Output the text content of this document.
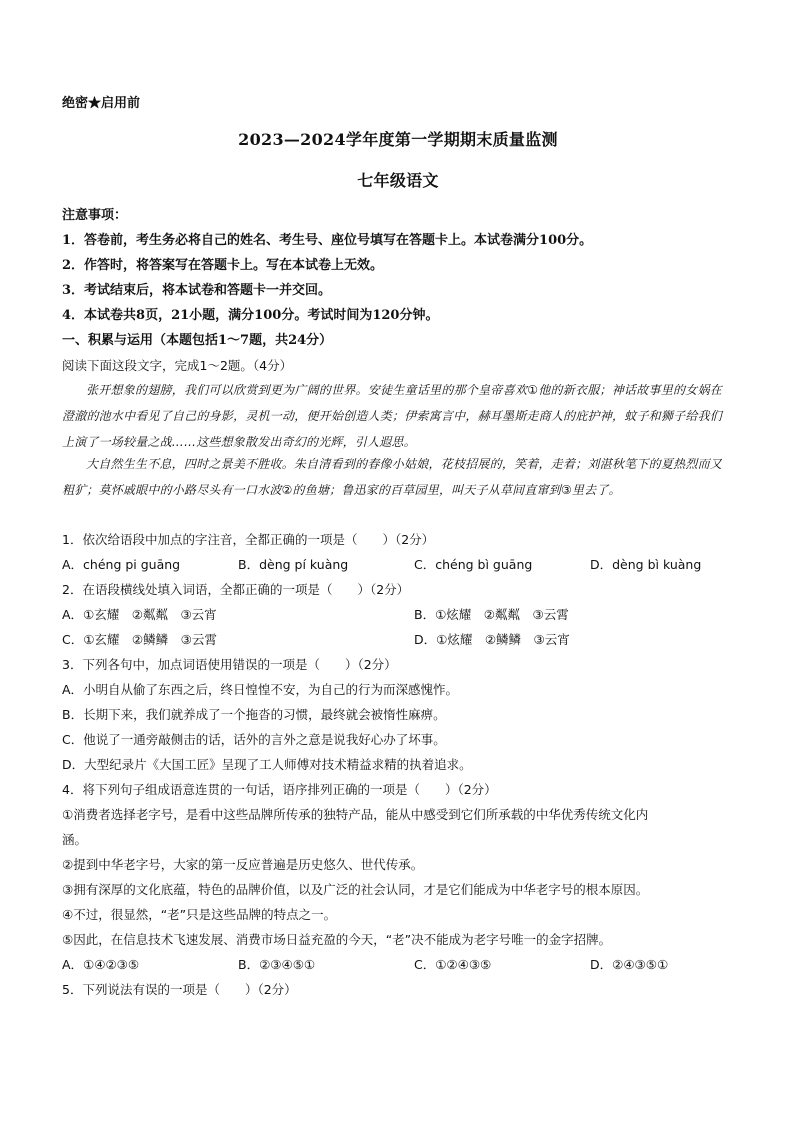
绝密★启用前
2023—2024学年度第一学期期末质量监测
七年级语文
注意事项：
1．答卷前，考生务必将自己的姓名、考生号、座位号填写在答题卡上。本试卷满分100分。
2．作答时，将答案写在答题卡上。写在本试卷上无效。
3．考试结束后，将本试卷和答题卡一并交回。
4．本试卷共8页，21小题，满分100分。考试时间为120分钟。
一、积累与运用（本题包括1～7题，共24分）
阅读下面这段文字，完成1～2题。（4分）
张开想象的翅膀，我们可以欣赏到更为广阔的世界。安徒生童话里的那个皇帝喜欢①他的新衣服；神话故事里的女娲在澄澈的池水中看见了自己的身影，灵机一动，便开始创造人类；伊索寓言中，赫耳墨斯走商人的庇护神，蚊子和狮子给我们上演了一场较量之战……这些想象散发出奇幻的光辉，引人遐思。
大自然生生不息，四时之景美不胜收。朱自清看到的春像小姑娘，花枝招展的，笑着，走着；刘湛秋笔下的夏热烈而又粗犷；莫怀戚眼中的小路尽头有一口水波②的鱼塘；鲁迅家的百草园里，叫天子从草间直窜到③里去了。
1．依次给语段中加点的字注音，全都正确的一项是（　　）（2分）
A．chéng pi guāng	B．dèng pí kuàng	C．chéng bì guāng	D．dèng bì kuàng
2．在语段横线处填入词语，全都正确的一项是（　　）（2分）
A．①玄耀　②粼粼　③云宵	B．①炫耀　②粼粼　③云霄
C．①玄耀　②鳞鳞　③云霄	D．①炫耀　②鳞鳞　③云宵
3．下列各句中，加点词语使用错误的一项是（　　）（2分）
A．小明自从偷了东西之后，终日惶惶不安，为自己的行为而深感愧怍。
B．长期下来，我们就养成了一个拖沓的习惯，最终就会被惰性麻痹。
C．他说了一通旁敲侧击的话，话外的言外之意是说我好心办了坏事。
D．大型纪录片《大国工匠》呈现了工人师傅对技术精益求精的执着追求。
4．将下列句子组成语意连贯的一句话，语序排列正确的一项是（　　）（2分）
①消费者选择老字号，是看中这些品牌所传承的独特产品，能从中感受到它们所承载的中华优秀传统文化内
涵。
②提到中华老字号，大家的第一反应普遍是历史悠久、世代传承。
③拥有深厚的文化底蕴，特色的品牌价值，以及广泛的社会认同，才是它们能成为中华老字号的根本原因。
④不过，很显然，“老”只是这些品牌的特点之一。
⑤因此，在信息技术飞速发展、消费市场日益充盈的今天，“老”决不能成为老字号唯一的金字招牌。
A．①④②③⑤	B．②③④⑤①	C．①②④③⑤	D．②④③⑤①
5．下列说法有误的一项是（　　）（2分）
